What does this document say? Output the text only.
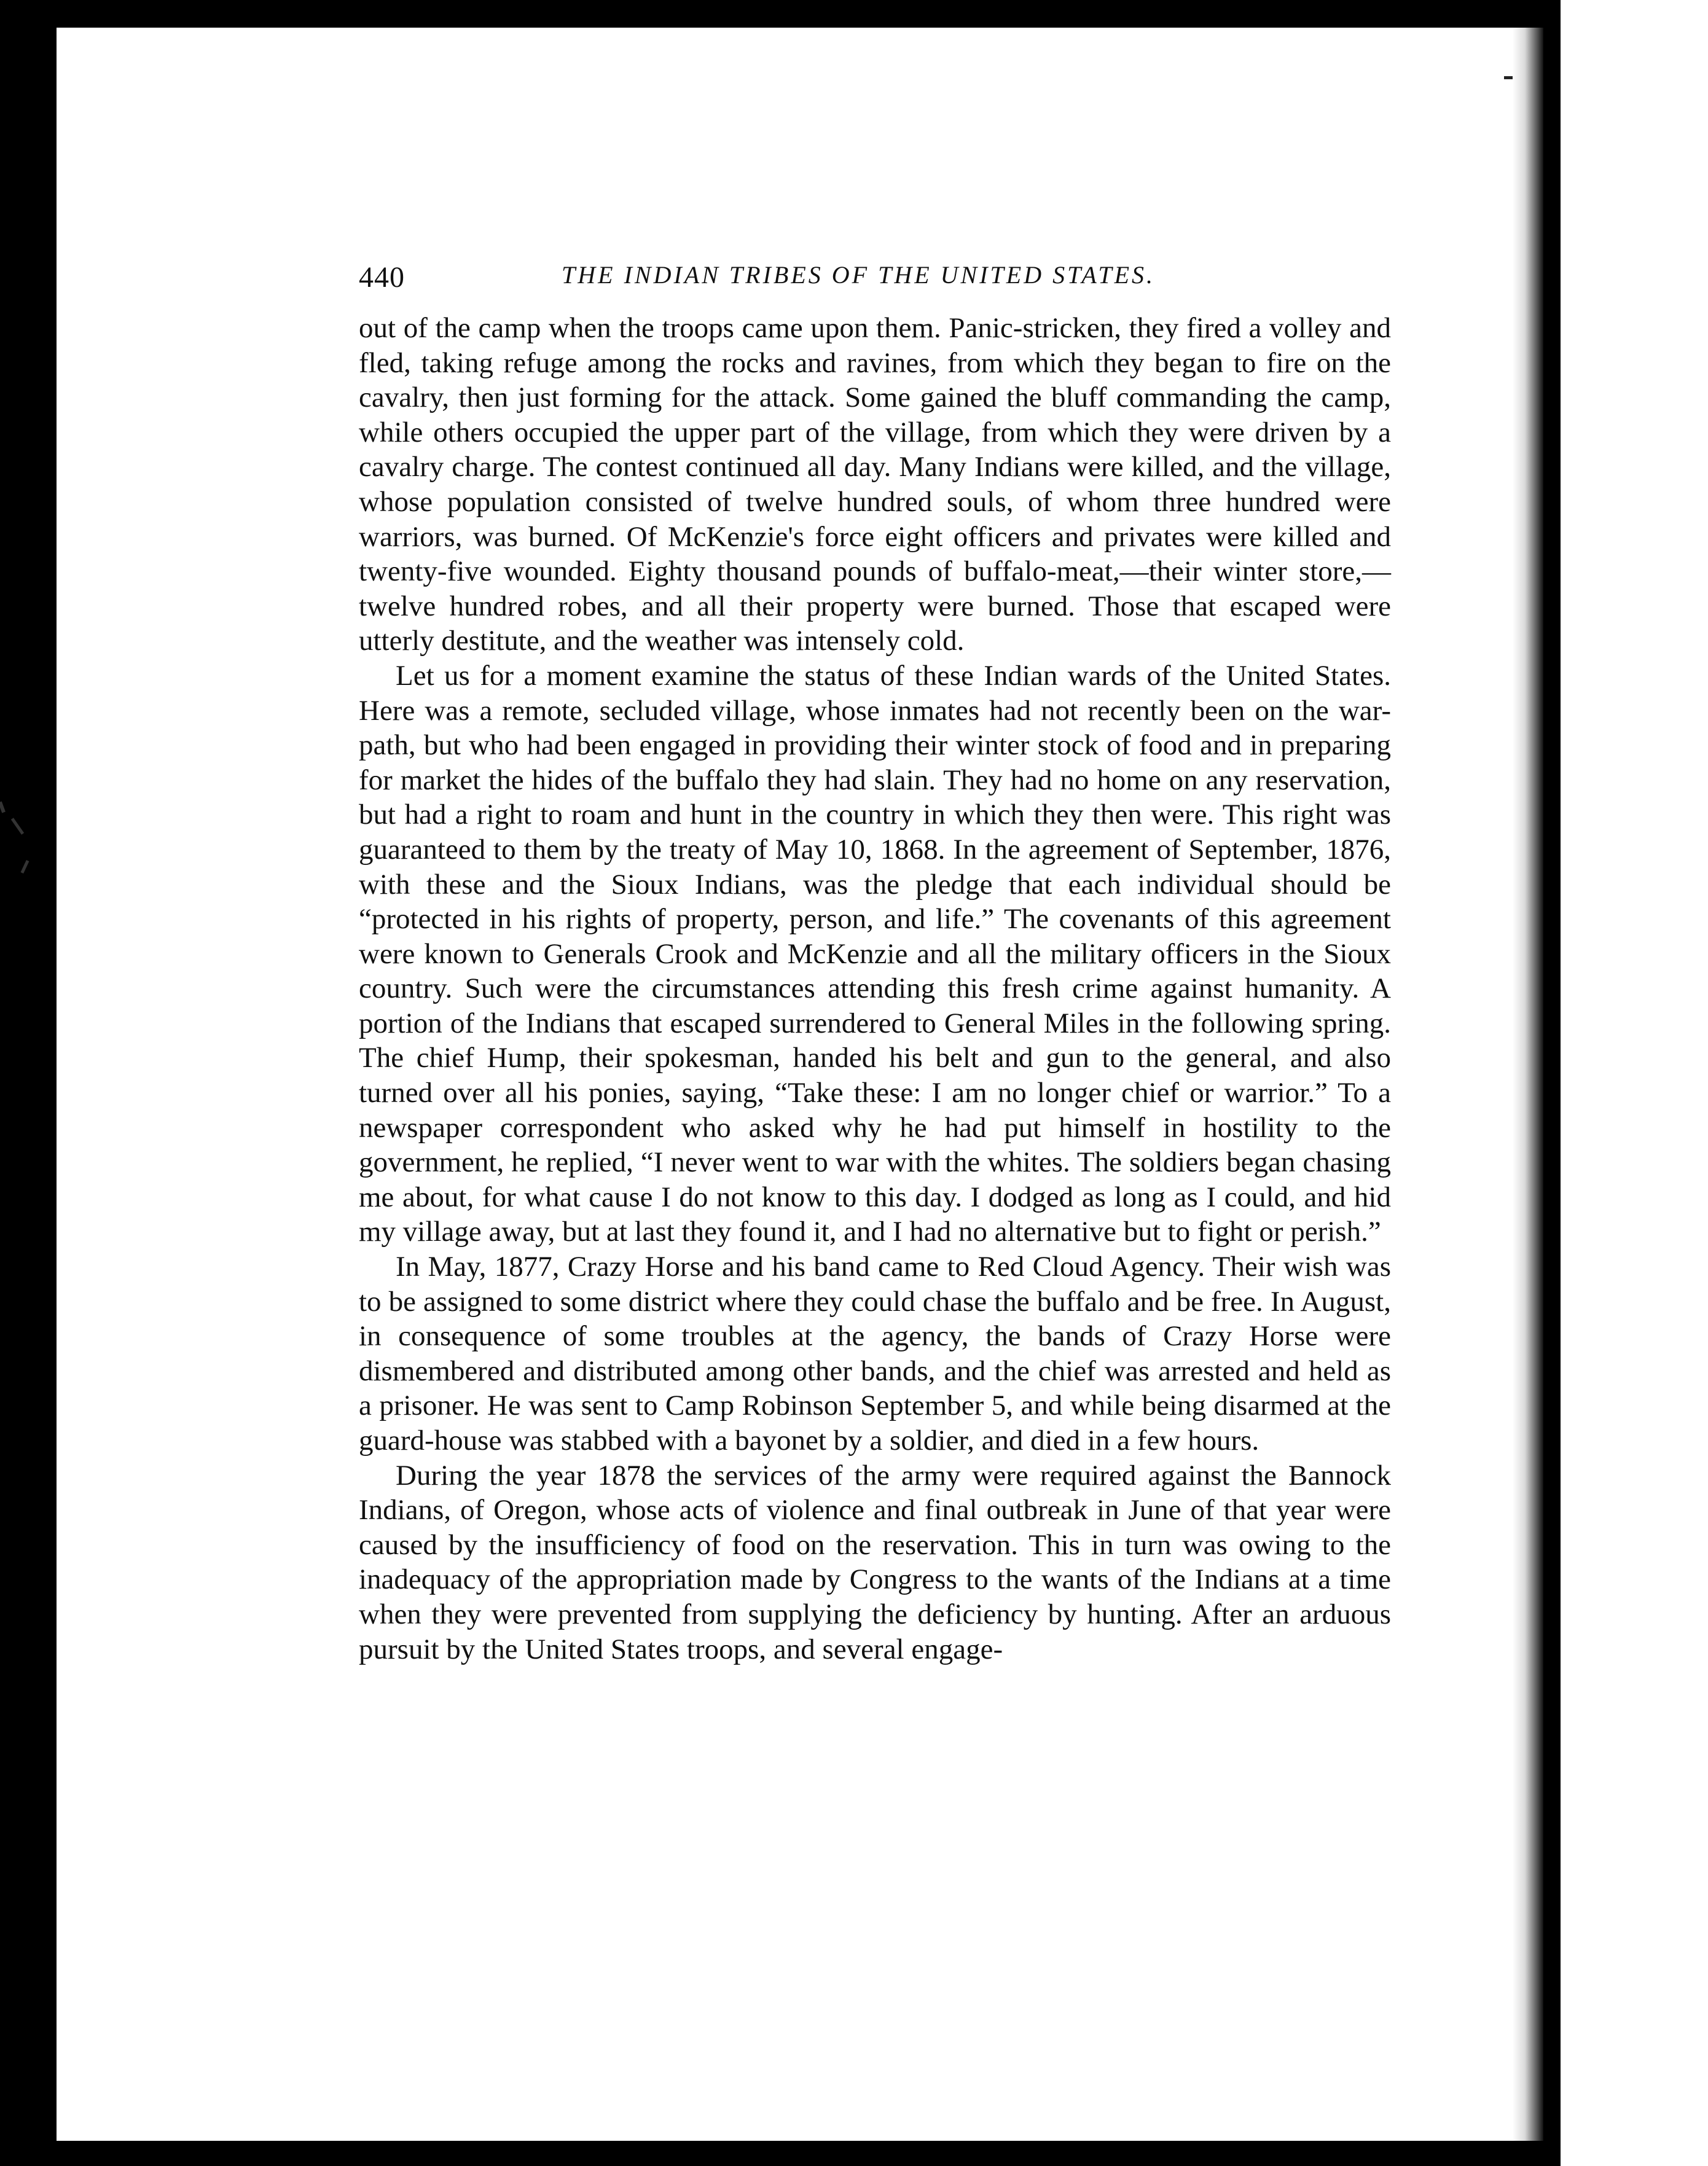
440	THE INDIAN TRIBES OF THE UNITED STATES.

out of the camp when the troops came upon them. Panic-stricken, they fired a volley and fled, taking refuge among the rocks and ravines, from which they began to fire on the cavalry, then just forming for the attack. Some gained the bluff commanding the camp, while others occupied the upper part of the village, from which they were driven by a cavalry charge. The contest continued all day. Many Indians were killed, and the village, whose population consisted of twelve hundred souls, of whom three hundred were warriors, was burned. Of McKenzie's force eight officers and privates were killed and twenty-five wounded. Eighty thousand pounds of buffalo-meat,—their winter store,—twelve hundred robes, and all their property were burned. Those that escaped were utterly destitute, and the weather was intensely cold.

Let us for a moment examine the status of these Indian wards of the United States. Here was a remote, secluded village, whose inmates had not recently been on the war-path, but who had been engaged in providing their winter stock of food and in preparing for market the hides of the buffalo they had slain. They had no home on any reservation, but had a right to roam and hunt in the country in which they then were. This right was guaranteed to them by the treaty of May 10, 1868. In the agreement of September, 1876, with these and the Sioux Indians, was the pledge that each individual should be “protected in his rights of property, person, and life.” The covenants of this agreement were known to Generals Crook and McKenzie and all the military officers in the Sioux country. Such were the circumstances attending this fresh crime against humanity. A portion of the Indians that escaped surrendered to General Miles in the following spring. The chief Hump, their spokesman, handed his belt and gun to the general, and also turned over all his ponies, saying, “Take these: I am no longer chief or warrior.” To a newspaper correspondent who asked why he had put himself in hostility to the government, he replied, “I never went to war with the whites. The soldiers began chasing me about, for what cause I do not know to this day. I dodged as long as I could, and hid my village away, but at last they found it, and I had no alternative but to fight or perish.”

In May, 1877, Crazy Horse and his band came to Red Cloud Agency. Their wish was to be assigned to some district where they could chase the buffalo and be free. In August, in consequence of some troubles at the agency, the bands of Crazy Horse were dismembered and distributed among other bands, and the chief was arrested and held as a prisoner. He was sent to Camp Robinson September 5, and while being disarmed at the guard-house was stabbed with a bayonet by a soldier, and died in a few hours.

During the year 1878 the services of the army were required against the Bannock Indians, of Oregon, whose acts of violence and final outbreak in June of that year were caused by the insufficiency of food on the reservation. This in turn was owing to the inadequacy of the appropriation made by Congress to the wants of the Indians at a time when they were prevented from supplying the deficiency by hunting. After an arduous pursuit by the United States troops, and several engage-
